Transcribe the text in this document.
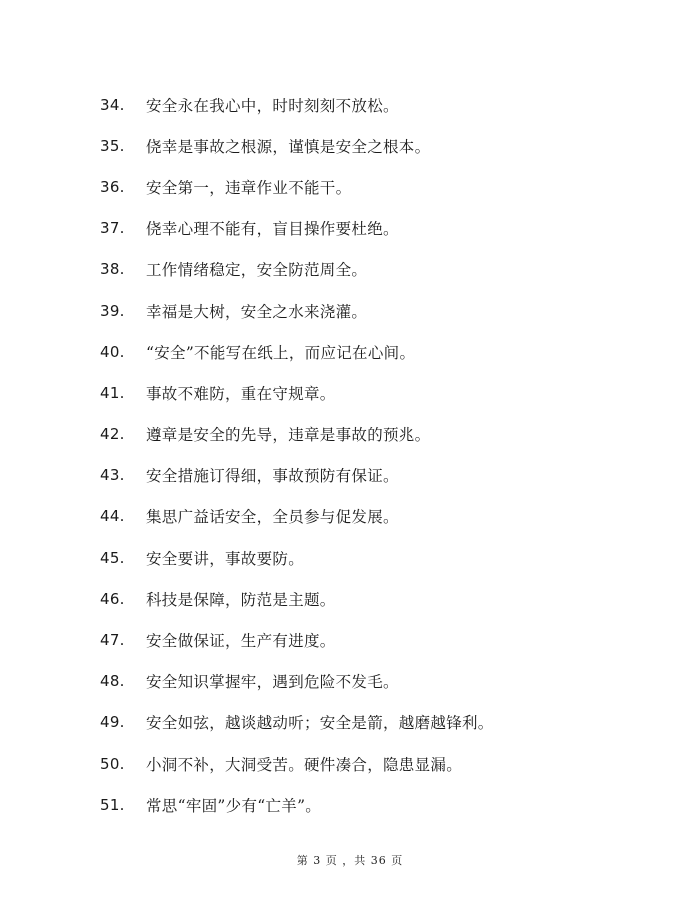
34.	安全永在我心中，时时刻刻不放松。
35.	侥幸是事故之根源，谨慎是安全之根本。
36.	安全第一，违章作业不能干。
37.	侥幸心理不能有，盲目操作要杜绝。
38.	工作情绪稳定，安全防范周全。
39.	幸福是大树，安全之水来浇灌。
40.	“安全”不能写在纸上，而应记在心间。
41.	事故不难防，重在守规章。
42.	遵章是安全的先导，违章是事故的预兆。
43.	安全措施订得细，事故预防有保证。
44.	集思广益话安全，全员参与促发展。
45.	安全要讲，事故要防。
46.	科技是保障，防范是主题。
47.	安全做保证，生产有进度。
48.	安全知识掌握牢，遇到危险不发毛。
49.	安全如弦，越谈越动听；安全是箭，越磨越锋利。
50.	小洞不补，大洞受苦。硬件凑合，隐患显漏。
51.	常思“牢固”少有“亡羊”。
第 3 页 ，共 36 页
